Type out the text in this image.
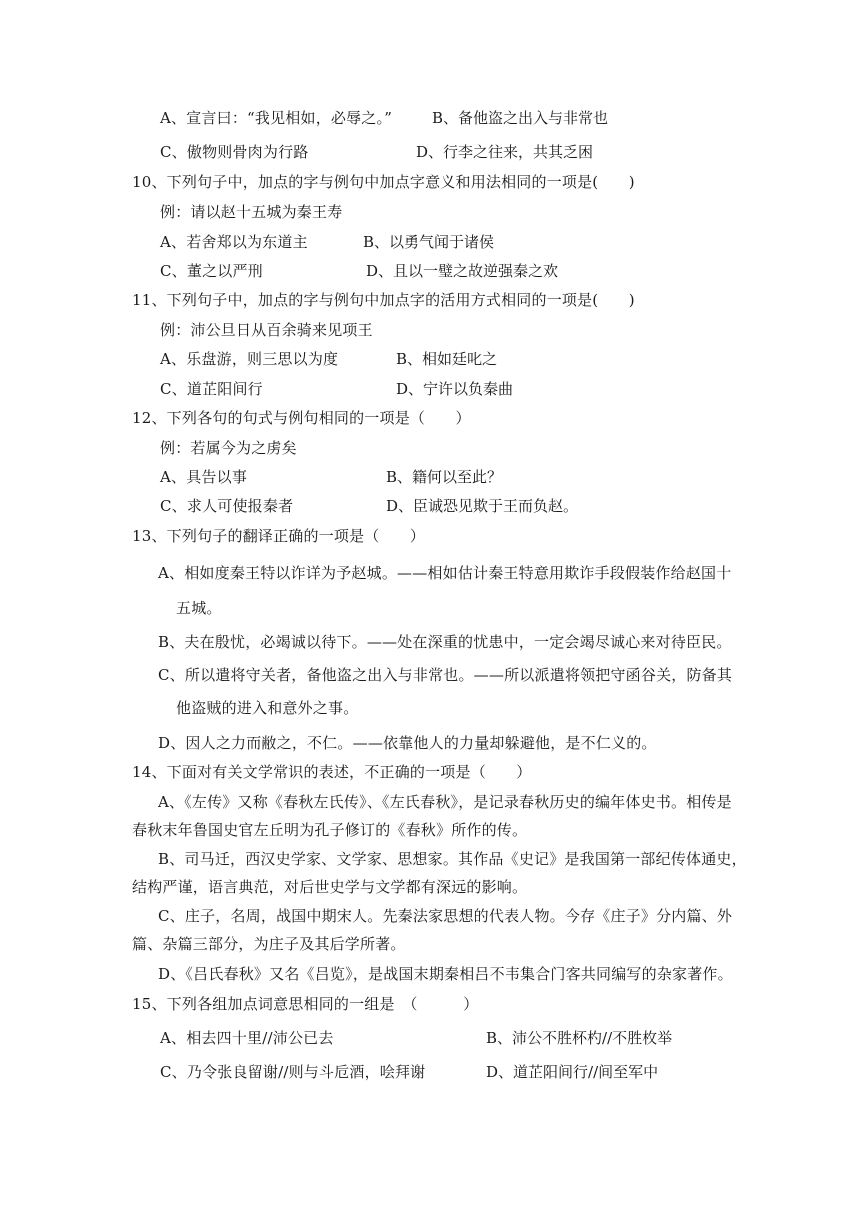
A、宣言曰：“我见相如，必辱之。”	B、备他盗之出入与非常也
C、傲物则骨肉为行路	D、行李之往来，共其乏困
10、下列句子中，加点的字与例句中加点字意义和用法相同的一项是(　　)
例：请以赵十五城为秦王寿
A、若舍郑以为东道主	B、以勇气闻于诸侯
C、董之以严刑	D、且以一璧之故逆强秦之欢
11、下列句子中，加点的字与例句中加点字的活用方式相同的一项是(　　)
例：沛公旦日从百余骑来见项王
A、乐盘游，则三思以为度	B、相如廷叱之
C、道芷阳间行	D、宁许以负秦曲
12、下列各句的句式与例句相同的一项是（　　）
例：若属今为之虏矣
A、具告以事	B、籍何以至此？
C、求人可使报秦者	D、臣诚恐见欺于王而负赵。
13、下列句子的翻译正确的一项是（　　）
A、相如度秦王特以诈详为予赵城。——相如估计秦王特意用欺诈手段假装作给赵国十
五城。
B、夫在殷忧，必竭诚以待下。——处在深重的忧患中，一定会竭尽诚心来对待臣民。
C、所以遣将守关者，备他盗之出入与非常也。——所以派遣将领把守函谷关，防备其
他盗贼的进入和意外之事。
D、因人之力而敝之，不仁。——依靠他人的力量却躲避他，是不仁义的。
14、下面对有关文学常识的表述，不正确的一项是（　　）
A、《左传》又称《春秋左氏传》、《左氏春秋》，是记录春秋历史的编年体史书。相传是
春秋末年鲁国史官左丘明为孔子修订的《春秋》所作的传。
B、司马迁，西汉史学家、文学家、思想家。其作品《史记》是我国第一部纪传体通史，
结构严谨，语言典范，对后世史学与文学都有深远的影响。
C、庄子，名周，战国中期宋人。先秦法家思想的代表人物。今存《庄子》分内篇、外
篇、杂篇三部分，为庄子及其后学所著。
D、《吕氏春秋》又名《吕览》，是战国末期秦相吕不韦集合门客共同编写的杂家著作。
15、下列各组加点词意思相同的一组是　（　　　）
A、相去四十里//沛公已去	B、沛公不胜杯杓//不胜枚举
C、乃令张良留谢//则与斗卮酒，哙拜谢	D、道芷阳间行//间至军中
